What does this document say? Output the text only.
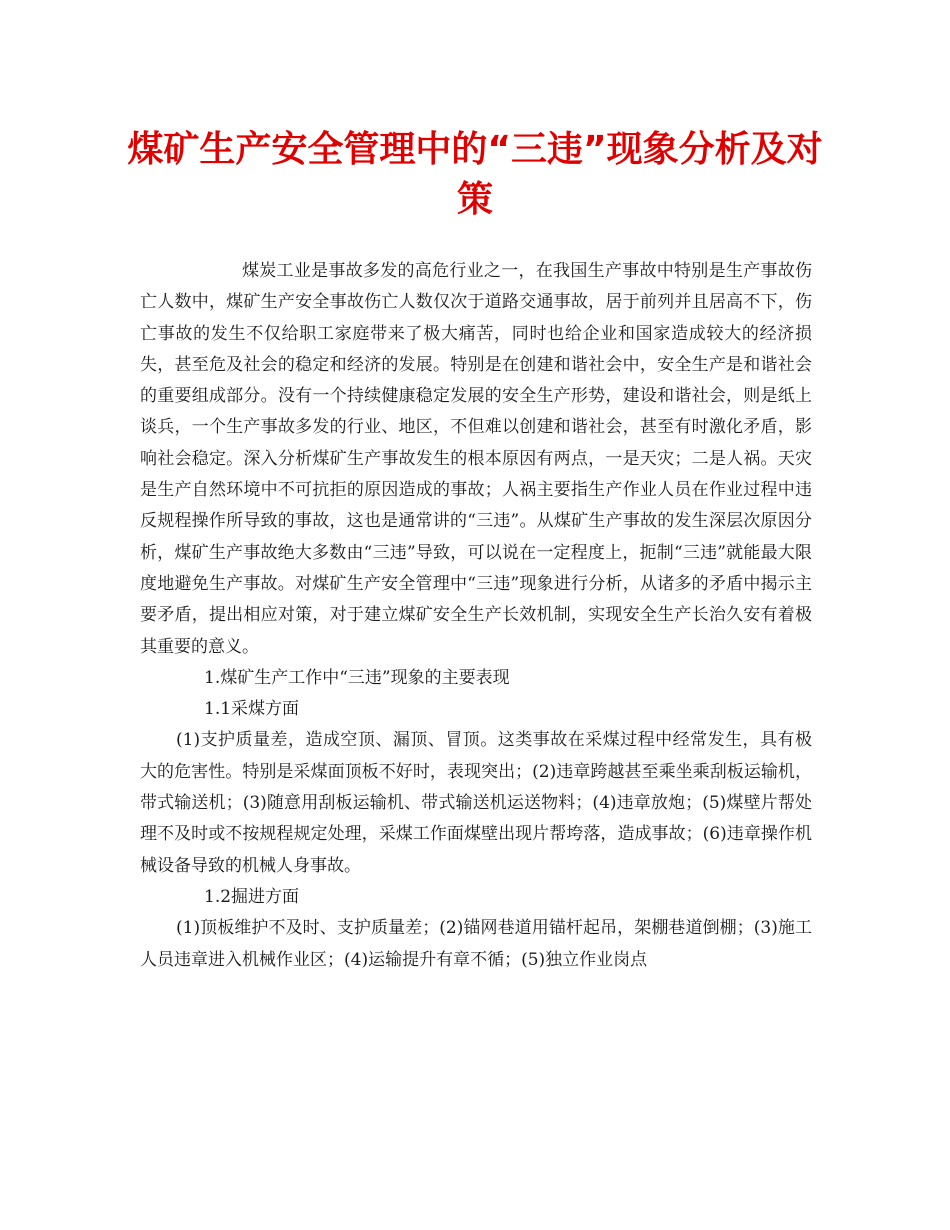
煤矿生产安全管理中的“三违”现象分析及对策

煤炭工业是事故多发的高危行业之一，在我国生产事故中特别是生产事故伤亡人数中，煤矿生产安全事故伤亡人数仅次于道路交通事故，居于前列并且居高不下，伤亡事故的发生不仅给职工家庭带来了极大痛苦，同时也给企业和国家造成较大的经济损失，甚至危及社会的稳定和经济的发展。特别是在创建和谐社会中，安全生产是和谐社会的重要组成部分。没有一个持续健康稳定发展的安全生产形势，建设和谐社会，则是纸上谈兵，一个生产事故多发的行业、地区，不但难以创建和谐社会，甚至有时激化矛盾，影响社会稳定。深入分析煤矿生产事故发生的根本原因有两点，一是天灾；二是人祸。天灾是生产自然环境中不可抗拒的原因造成的事故；人祸主要指生产作业人员在作业过程中违反规程操作所导致的事故，这也是通常讲的“三违”。从煤矿生产事故的发生深层次原因分析，煤矿生产事故绝大多数由“三违”导致，可以说在一定程度上，扼制“三违”就能最大限度地避免生产事故。对煤矿生产安全管理中“三违”现象进行分析，从诸多的矛盾中揭示主要矛盾，提出相应对策，对于建立煤矿安全生产长效机制，实现安全生产长治久安有着极其重要的意义。

1.煤矿生产工作中“三违”现象的主要表现

1.1采煤方面

(1)支护质量差，造成空顶、漏顶、冒顶。这类事故在采煤过程中经常发生，具有极大的危害性。特别是采煤面顶板不好时，表现突出；(2)违章跨越甚至乘坐乘刮板运输机，带式输送机；(3)随意用刮板运输机、带式输送机运送物料；(4)违章放炮；(5)煤壁片帮处理不及时或不按规程规定处理，采煤工作面煤壁出现片帮垮落，造成事故；(6)违章操作机械设备导致的机械人身事故。

1.2掘进方面

(1)顶板维护不及时、支护质量差；(2)锚网巷道用锚杆起吊，架棚巷道倒棚；(3)施工人员违章进入机械作业区；(4)运输提升有章不循；(5)独立作业岗点
